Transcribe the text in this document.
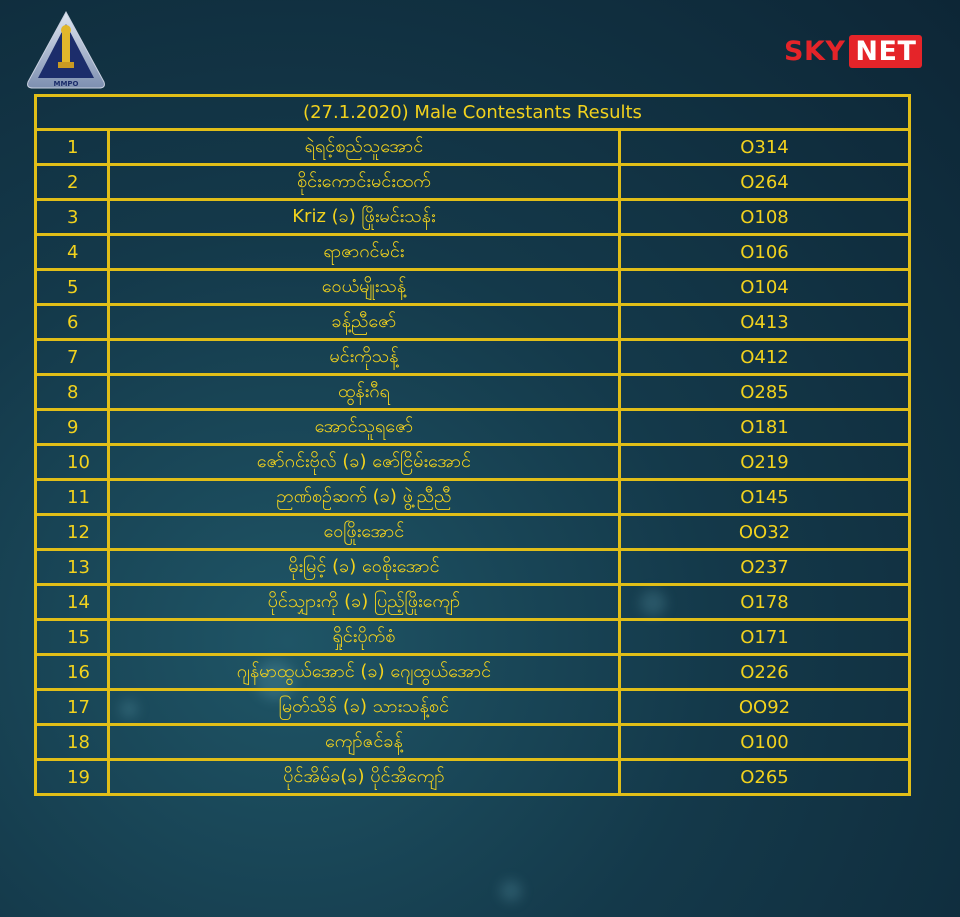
MMPO
SKY NET
(27.1.2020) Male Contestants Results		
1	ရဲရင့်စည်သူအောင်	O314
2	စိုင်းကောင်းမင်းထက်	O264
3	Kriz (ခ) ဖြိုးမင်းသန်း	O108
4	ရာဇာဂင်မင်း	O106
5	ဝေယံမျိုးသန့်	O104
6	ခန့်ညီဇော်	O413
7	မင်းကိုသန့်	O412
8	ထွန်းဂီရ	O285
9	အောင်သူရဇော်	O181
10	ဇော်ဂင်းဗိုလ် (ခ) ဇော်ငြိမ်းအောင်	O219
11	ဉာဏ်စဉ်ဆက် (ခ) ဖွဲ့ညီညီ	O145
12	ဝေဖြိုးအောင်	OO32
13	မိုးမြင့် (ခ) ဝေစိုးအောင်	O237
14	ပိုင်သျှားကို (ခ) ပြည့်ဖြိုးကျော်	O178
15	ရှိုင်းပိုက်စံ	O171
16	ဂျန်မာထွယ်အောင် (ခ) ဂျေထွယ်အောင်	O226
17	မြတ်သိခ် (ခ) သားသန့်စင်	OO92
18	ကျော်ဇင်ခန့်	O100
19	ပိုင်အိမ်ခ(ခ) ပိုင်အိကျော်	O265
